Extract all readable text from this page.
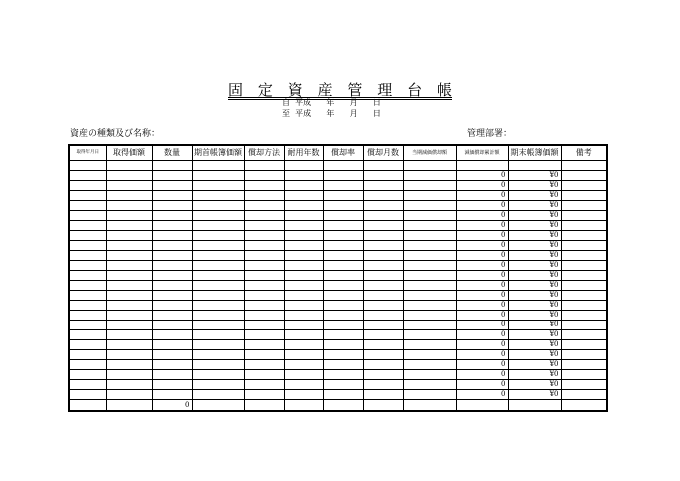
固 定 資 産 管 理 台 帳
自  平成      年      月      日
至  平成      年      月      日
資産の種類及び名称：	管理部署：
取得年月日	取得価額	数量	期首帳簿価額	償却方法	耐用年数	償却率	償却月数	当期減価償却額	減価償却累計額	期末帳簿価額	備考

									0	¥0	
									0	¥0	
									0	¥0	
									0	¥0	
									0	¥0	
									0	¥0	
									0	¥0	
									0	¥0	
									0	¥0	
									0	¥0	
									0	¥0	
									0	¥0	
									0	¥0	
									0	¥0	
									0	¥0	
									0	¥0	
									0	¥0	
									0	¥0	
									0	¥0	
									0	¥0	
									0	¥0	
									0	¥0	
									0	¥0	
		0									
